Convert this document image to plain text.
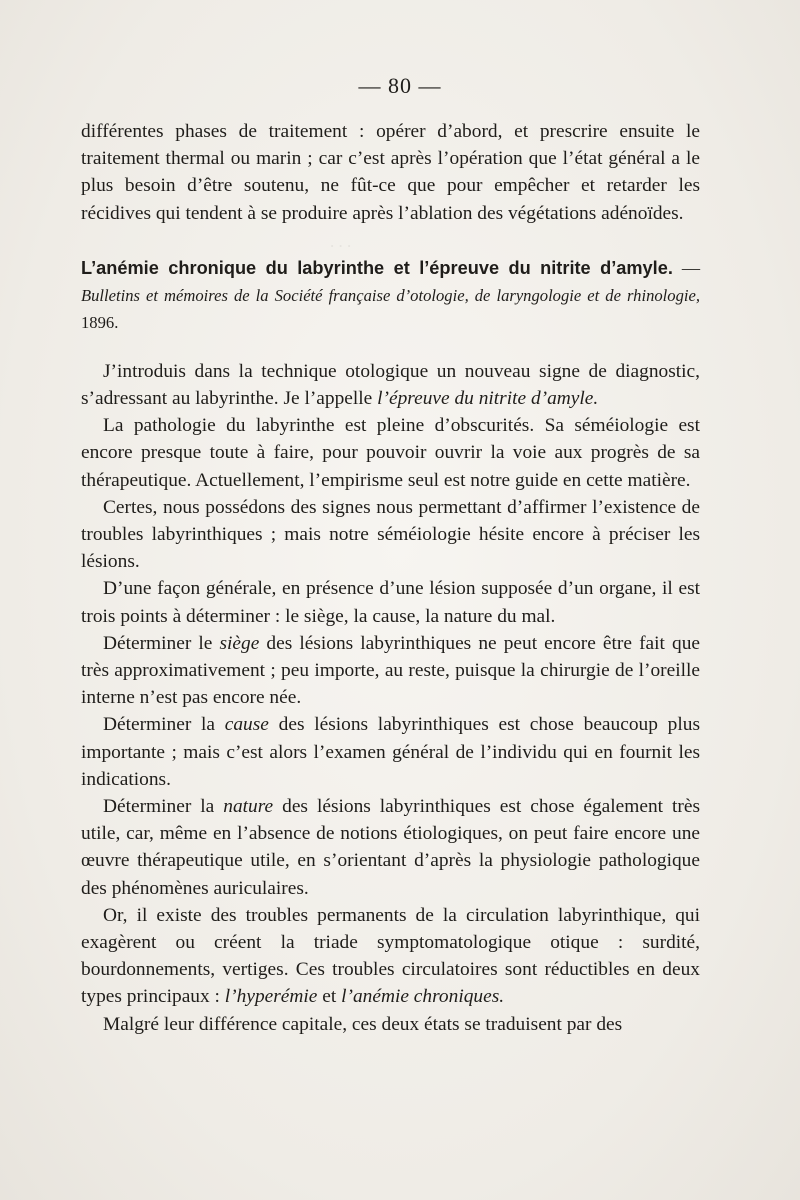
. . .
— 80 —

différentes phases de traitement : opérer d’abord, et prescrire ensuite le traitement thermal ou marin ; car c’est après l’opération que l’état général a le plus besoin d’être soutenu, ne fût-ce que pour empêcher et retarder les récidives qui tendent à se produire après l’ablation des végétations adénoïdes.

L’anémie chronique du labyrinthe et l’épreuve du nitrite d’amyle. — Bulletins et mémoires de la Société française d’otologie, de laryngologie et de rhinologie, 1896.

J’introduis dans la technique otologique un nouveau signe de diagnostic, s’adressant au labyrinthe. Je l’appelle l’épreuve du nitrite d’amyle.

La pathologie du labyrinthe est pleine d’obscurités. Sa séméiologie est encore presque toute à faire, pour pouvoir ouvrir la voie aux progrès de sa thérapeutique. Actuellement, l’empirisme seul est notre guide en cette matière.

Certes, nous possédons des signes nous permettant d’affirmer l’existence de troubles labyrinthiques ; mais notre séméiologie hésite encore à préciser les lésions.

D’une façon générale, en présence d’une lésion supposée d’un organe, il est trois points à déterminer : le siège, la cause, la nature du mal.

Déterminer le siège des lésions labyrinthiques ne peut encore être fait que très approximativement ; peu importe, au reste, puisque la chirurgie de l’oreille interne n’est pas encore née.

Déterminer la cause des lésions labyrinthiques est chose beaucoup plus importante ; mais c’est alors l’examen général de l’individu qui en fournit les indications.

Déterminer la nature des lésions labyrinthiques est chose également très utile, car, même en l’absence de notions étiologiques, on peut faire encore une œuvre thérapeutique utile, en s’orientant d’après la physiologie pathologique des phénomènes auriculaires.

Or, il existe des troubles permanents de la circulation labyrinthique, qui exagèrent ou créent la triade symptomatologique otique : surdité, bourdonnements, vertiges. Ces troubles circulatoires sont réductibles en deux types principaux : l’hyperémie et l’anémie chroniques.

Malgré leur différence capitale, ces deux états se traduisent par des
